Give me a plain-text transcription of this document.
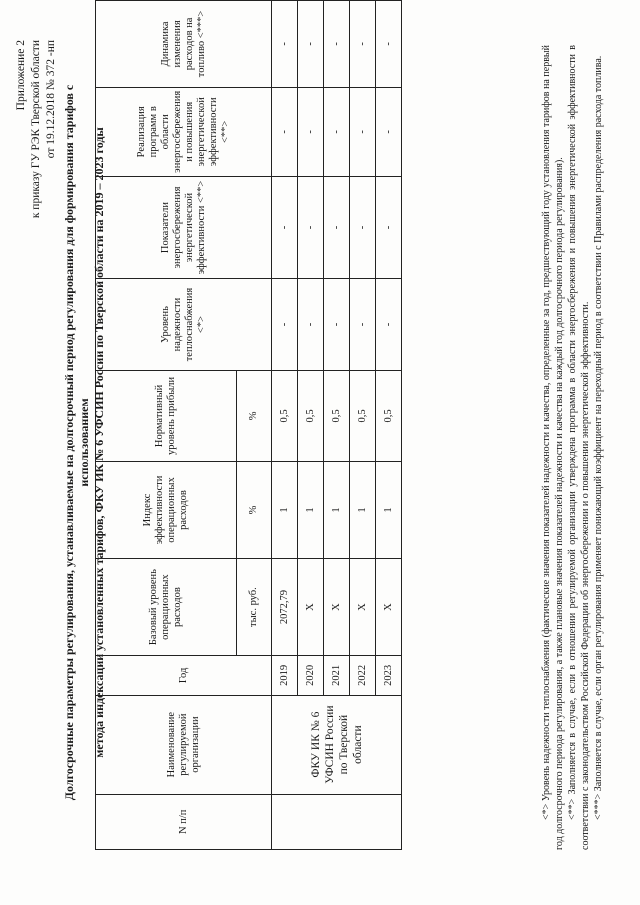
Приложение 2 к приказу ГУ РЭК Тверской области от 19.12.2018 № 372 -нп Долгосрочные параметры регулирования, устанавливаемые на долгосрочный период регулирования для формирования тарифов с использованием метода индексации установленных тарифов, ФКУ ИК № 6 УФСИН России по Тверской области на 2019 – 2023 годы
N п/п	Наименование регулируемой организации	Год	Базовый уровень операционных расходов	Индекс эффективности операционных расходов	Нормативный уровень прибыли	Уровень надежности теплоснабжения <*>	Показатели энергосбережения энергетической эффективности <**>	Реализация программ в области энергосбережения и повышения энергетической эффективности <**>	Динамика изменения расходов на топливо <***>
			тыс. руб.	%	%				
	ФКУ ИК № 6 УФСИН России по Тверской области	2019	2072,79	1	0,5	-	-	-	-
		2020	Х	1	0,5	-	-	-	-
		2021	Х	1	0,5	-	-	-	-
		2022	Х	1	0,5	-	-	-	-
		2023	Х	1	0,5	-	-	-	-

<*> Уровень надежности теплоснабжения (фактические значения показателей надежности и качества, определенные за год, предшествующий году установления тарифов на первый год долгосрочного периода регулирования, а также плановые значения показателей надежности и качества на каждый год долгосрочного периода регулирования). <**> Заполняется в случае, если в отношении регулируемой организации утверждена программа в области энергосбережения и повышения энергетической эффективности в соответствии с законодательством Российской Федерации об энергосбережении и о повышении энергетической эффективности. <***> Заполняется в случае, если орган регулирования применяет понижающий коэффициент на переходный период в соответствии с Правилами распределения расхода топлива.
